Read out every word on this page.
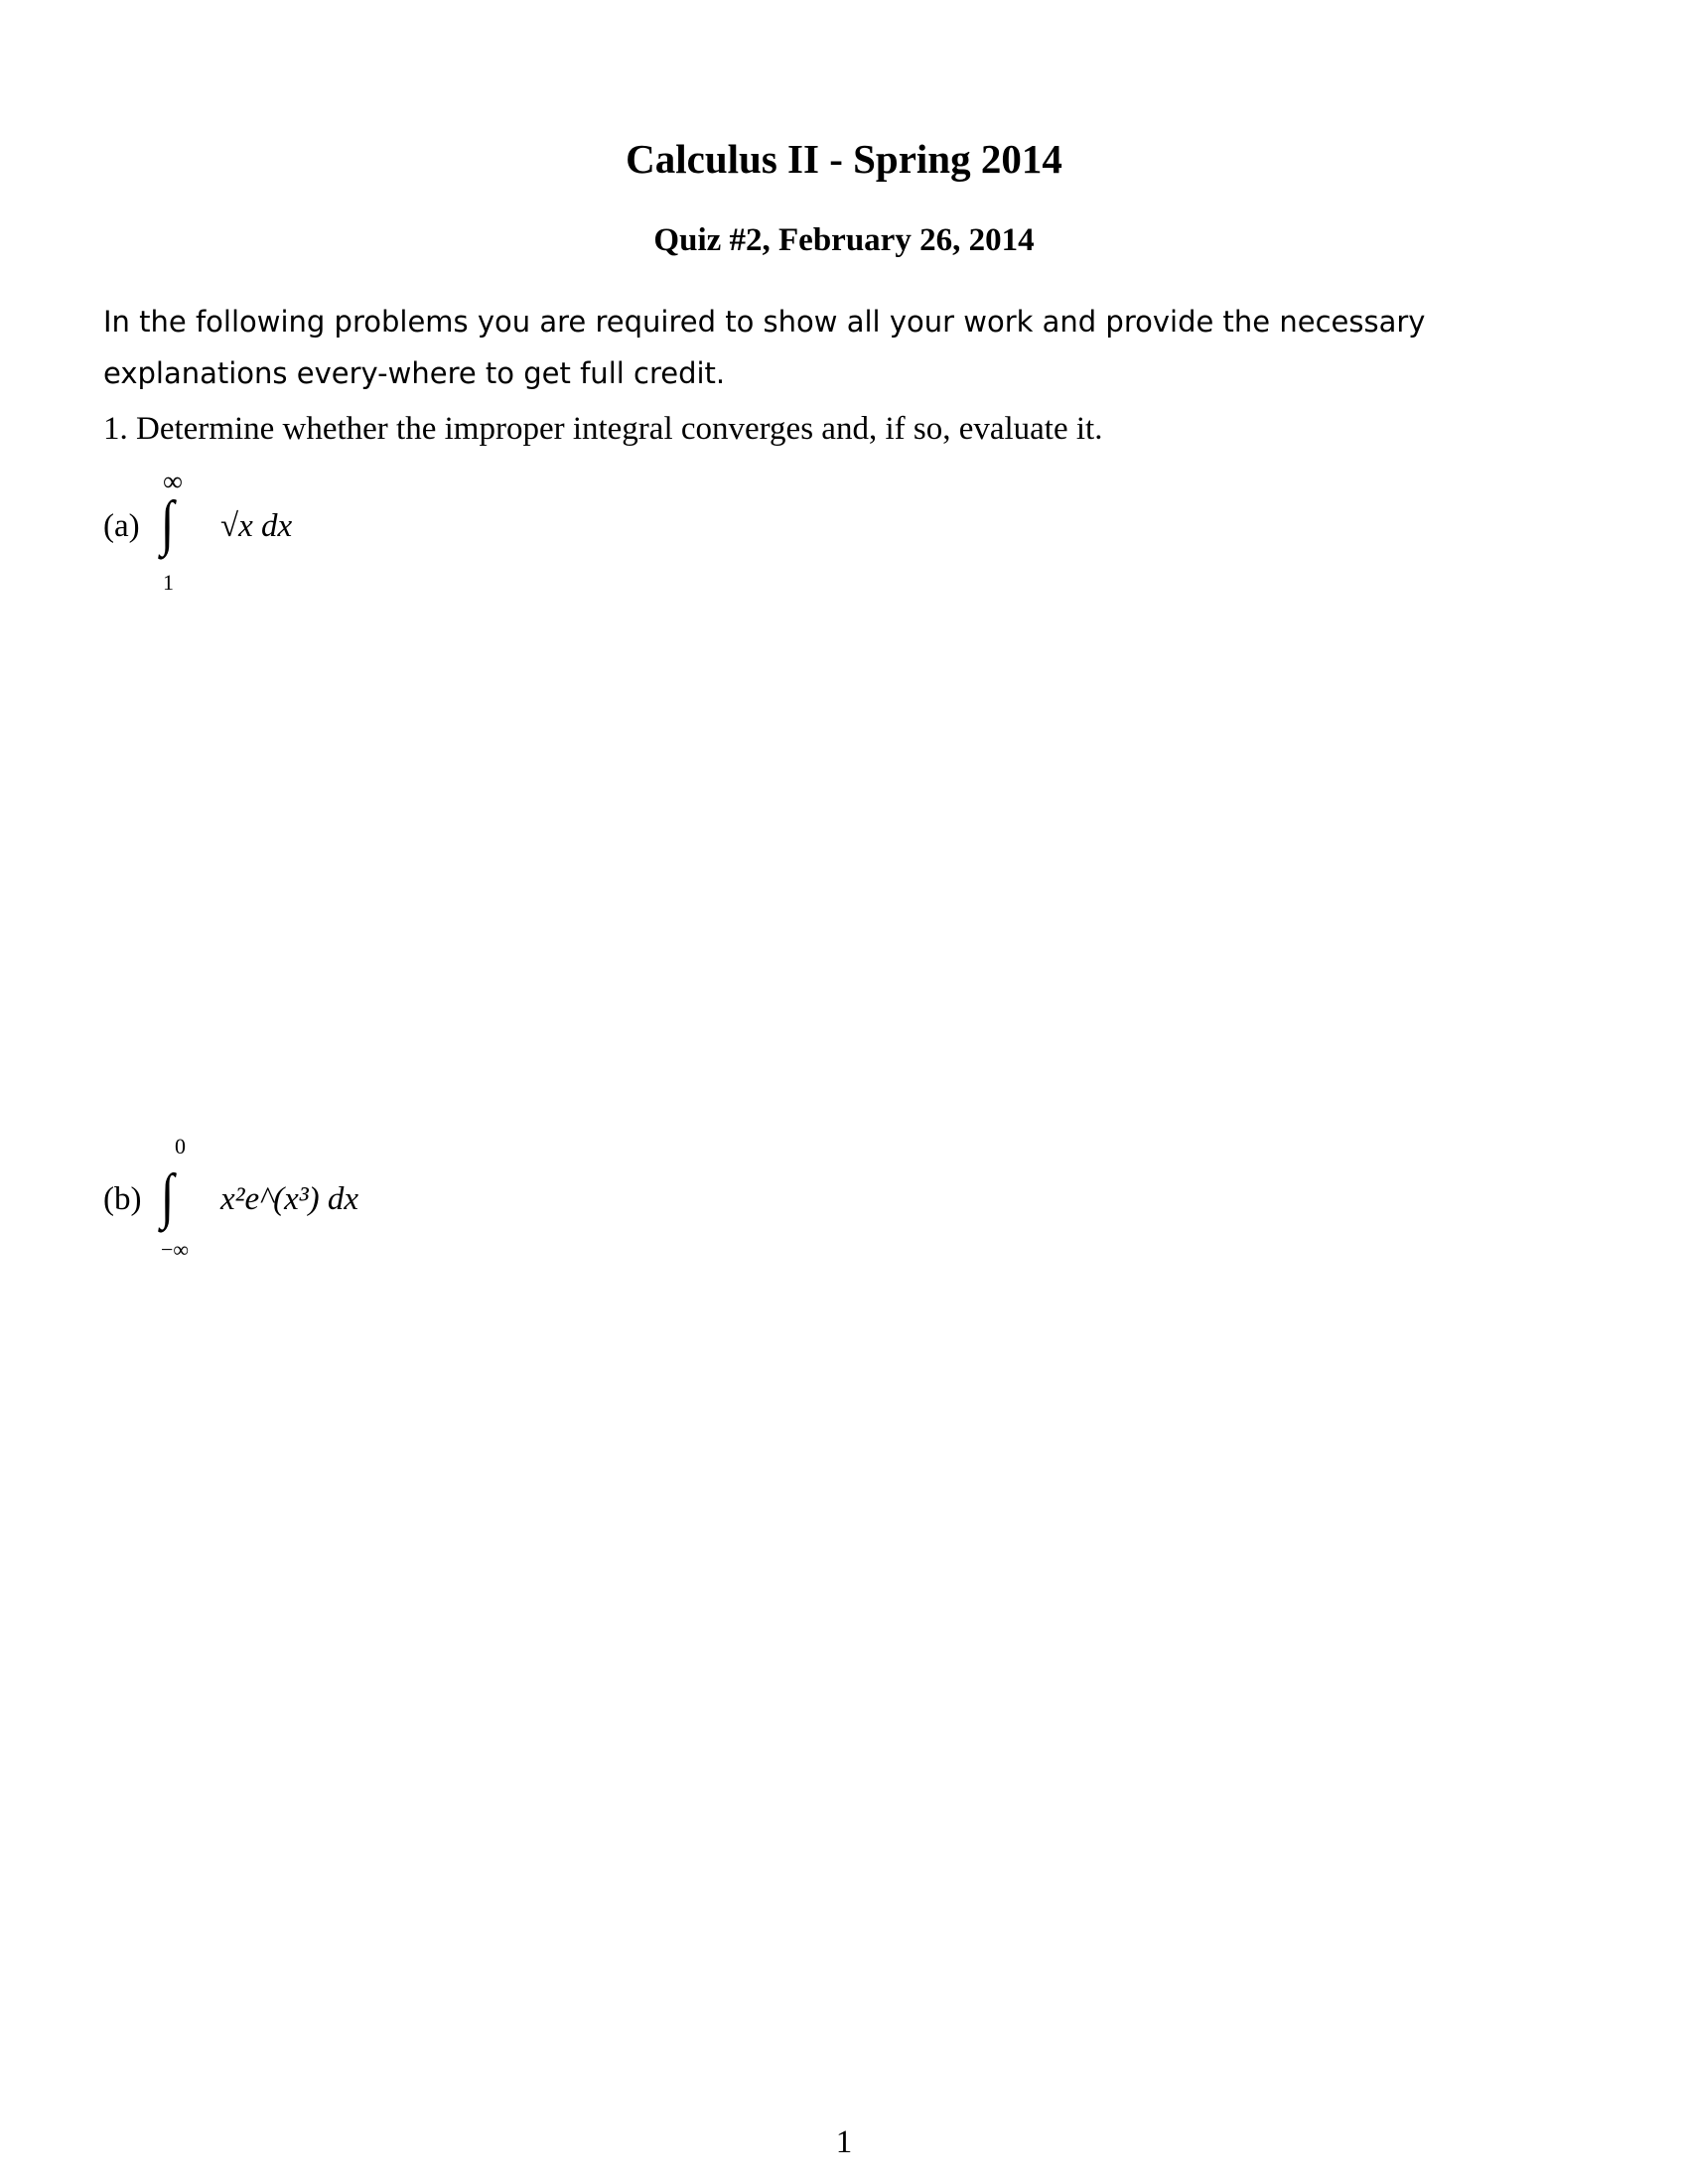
Calculus II - Spring 2014
Quiz #2, February 26, 2014
In the following problems you are required to show all your work and provide the necessary explanations every-where to get full credit.
1. Determine whether the improper integral converges and, if so, evaluate it.
(a)
∞
∫
1
√x dx
(b)
0
∫
−∞
x²e^(x³) dx
1
